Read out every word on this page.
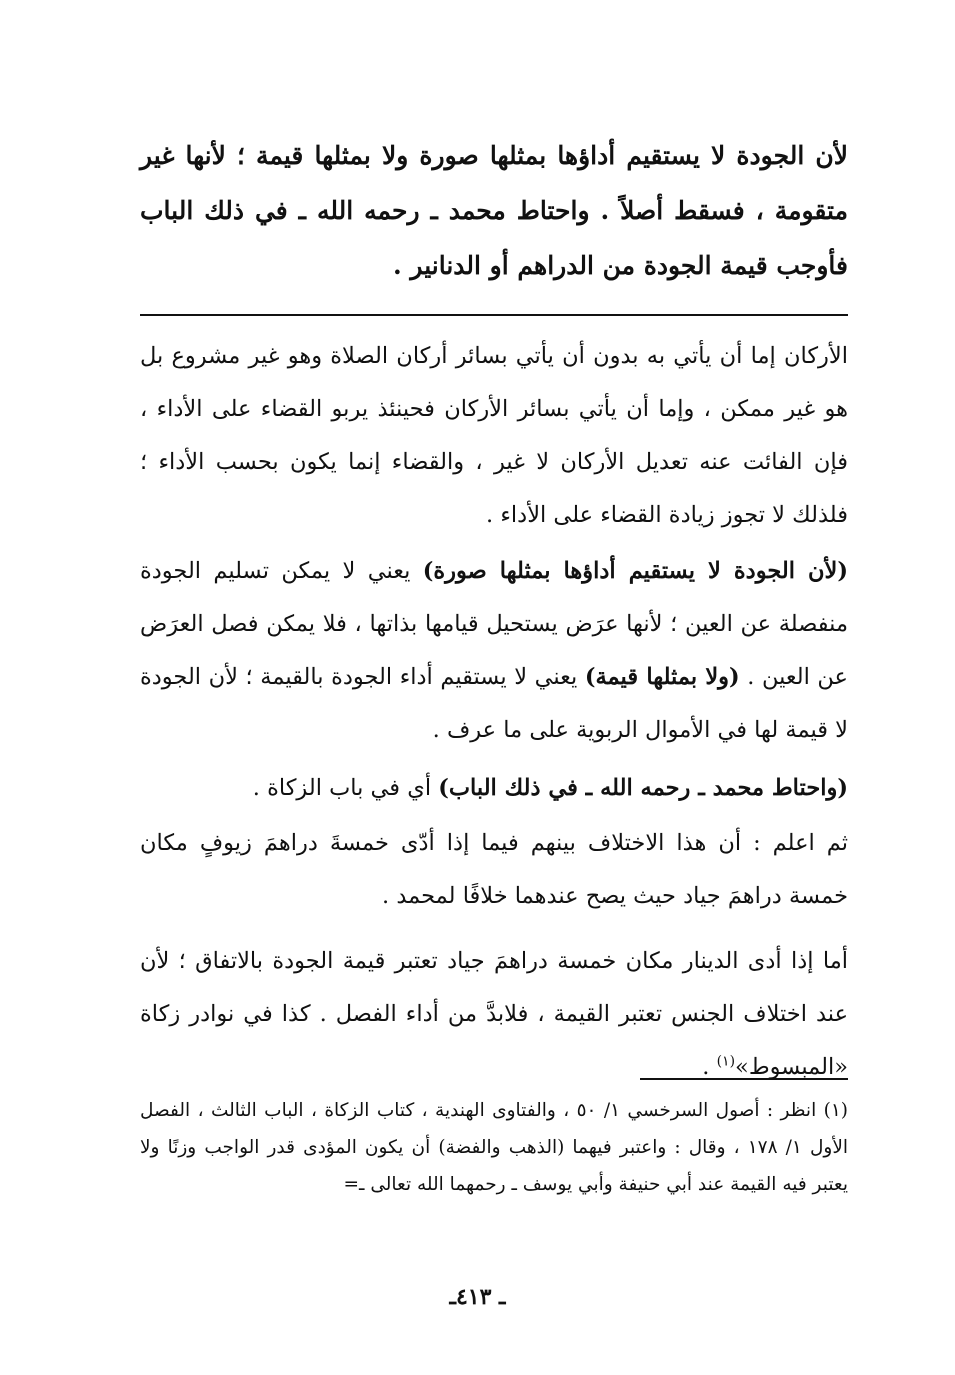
لأن الجودة لا يستقيم أداؤها بمثلها صورة ولا بمثلها قيمة ؛ لأنها غير متقومة ، فسقط أصلاً . واحتاط محمد ـ رحمه الله ـ في ذلك الباب فأوجب قيمة الجودة من الدراهم أو الدنانير .
الأركان إما أن يأتي به بدون أن يأتي بسائر أركان الصلاة وهو غير مشروع بل هو غير ممكن ، وإما أن يأتي بسائر الأركان فحينئذ يربو القضاء على الأداء ، فإن الفائت عنه تعديل الأركان لا غير ، والقضاء إنما يكون بحسب الأداء ؛ فلذلك لا تجوز زيادة القضاء على الأداء .
(لأن الجودة لا يستقيم أداؤها بمثلها صورة) يعني لا يمكن تسليم الجودة منفصلة عن العين ؛ لأنها عرَض يستحيل قيامها بذاتها ، فلا يمكن فصل العرَض عن العين . (ولا بمثلها قيمة) يعني لا يستقيم أداء الجودة بالقيمة ؛ لأن الجودة لا قيمة لها في الأموال الربوية على ما عرف .
(واحتاط محمد ـ رحمه الله ـ في ذلك الباب) أي في باب الزكاة .
ثم اعلم : أن هذا الاختلاف بينهم فيما إذا أدّى خمسةَ دراهمَ زيوفٍ مكان خمسة دراهمَ جياد حيث يصح عندهما خلافًا لمحمد .
أما إذا أدى الدينار مكان خمسة دراهمَ جياد تعتبر قيمة الجودة بالاتفاق ؛ لأن عند اختلاف الجنس تعتبر القيمة ، فلابدَّ من أداء الفصل . كذا في نوادر زكاة «المبسوط»$^{(١)}$ .
(١) انظر : أصول السرخسي ١/ ٥٠ ، والفتاوى الهندية ، كتاب الزكاة ، الباب الثالث ، الفصل الأول ١/ ١٧٨ ، وقال : واعتبر فيهما (الذهب والفضة) أن يكون المؤدى قدر الواجب وزنًا ولا يعتبر فيه القيمة عند أبي حنيفة وأبي يوسف ـ رحمهما الله تعالى ـ=
ـ ٤١٣ـ
